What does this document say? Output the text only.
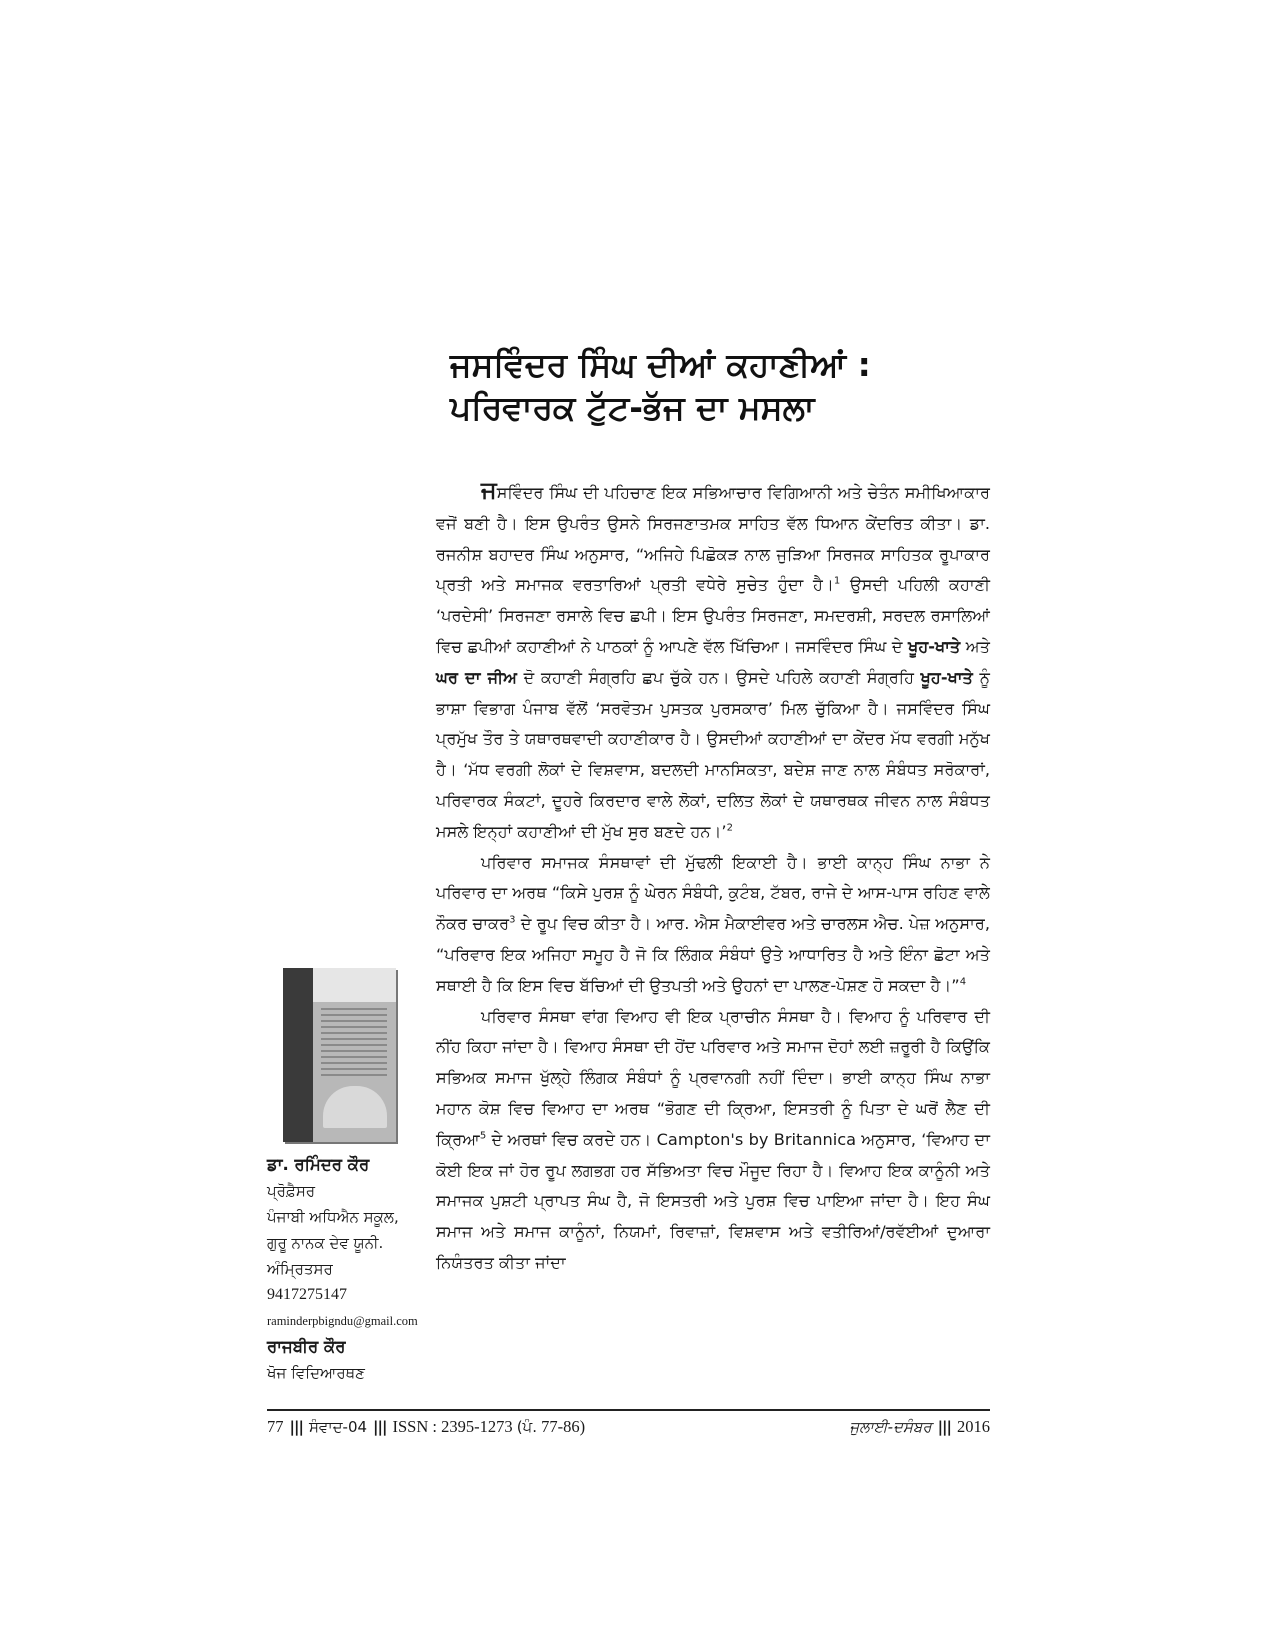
ਜਸਵਿੰਦਰ ਸਿੰਘ ਦੀਆਂ ਕਹਾਣੀਆਂ :
ਪਰਿਵਾਰਕ ਟੁੱਟ-ਭੱਜ ਦਾ ਮਸਲਾ

ਜਸਵਿੰਦਰ ਸਿੰਘ ਦੀ ਪਹਿਚਾਣ ਇਕ ਸਭਿਆਚਾਰ ਵਿਗਿਆਨੀ ਅਤੇ ਚੇਤੰਨ ਸਮੀਖਿਆਕਾਰ ਵਜੋਂ ਬਣੀ ਹੈ। ਇਸ ਉਪਰੰਤ ਉਸਨੇ ਸਿਰਜਣਾਤਮਕ ਸਾਹਿਤ ਵੱਲ ਧਿਆਨ ਕੇਂਦਰਿਤ ਕੀਤਾ। ਡਾ. ਰਜਨੀਸ਼ ਬਹਾਦਰ ਸਿੰਘ ਅਨੁਸਾਰ, “ਅਜਿਹੇ ਪਿਛੋਕੜ ਨਾਲ ਜੁੜਿਆ ਸਿਰਜਕ ਸਾਹਿਤਕ ਰੂਪਾਕਾਰ ਪ੍ਰਤੀ ਅਤੇ ਸਮਾਜਕ ਵਰਤਾਰਿਆਂ ਪ੍ਰਤੀ ਵਧੇਰੇ ਸੁਚੇਤ ਹੁੰਦਾ ਹੈ।$^1$ ਉਸਦੀ ਪਹਿਲੀ ਕਹਾਣੀ ‘ਪਰਦੇਸੀ’ ਸਿਰਜਣਾ ਰਸਾਲੇ ਵਿਚ ਛਪੀ। ਇਸ ਉਪਰੰਤ ਸਿਰਜਣਾ, ਸਮਦਰਸ਼ੀ, ਸਰਦਲ ਰਸਾਲਿਆਂ ਵਿਚ ਛਪੀਆਂ ਕਹਾਣੀਆਂ ਨੇ ਪਾਠਕਾਂ ਨੂੰ ਆਪਣੇ ਵੱਲ ਖਿੱਚਿਆ। ਜਸਵਿੰਦਰ ਸਿੰਘ ਦੇ ਖੂਹ-ਖਾਤੇ ਅਤੇ ਘਰ ਦਾ ਜੀਅ ਦੋ ਕਹਾਣੀ ਸੰਗ੍ਰਹਿ ਛਪ ਚੁੱਕੇ ਹਨ। ਉਸਦੇ ਪਹਿਲੇ ਕਹਾਣੀ ਸੰਗ੍ਰਹਿ ਖੂਹ-ਖਾਤੇ ਨੂੰ ਭਾਸ਼ਾ ਵਿਭਾਗ ਪੰਜਾਬ ਵੱਲੋਂ ‘ਸਰਵੋਤਮ ਪੁਸਤਕ ਪੁਰਸਕਾਰ’ ਮਿਲ ਚੁੱਕਿਆ ਹੈ। ਜਸਵਿੰਦਰ ਸਿੰਘ ਪ੍ਰਮੁੱਖ ਤੌਰ ਤੇ ਯਥਾਰਥਵਾਦੀ ਕਹਾਣੀਕਾਰ ਹੈ। ਉਸਦੀਆਂ ਕਹਾਣੀਆਂ ਦਾ ਕੇਂਦਰ ਮੱਧ ਵਰਗੀ ਮਨੁੱਖ ਹੈ। ‘ਮੱਧ ਵਰਗੀ ਲੋਕਾਂ ਦੇ ਵਿਸ਼ਵਾਸ, ਬਦਲਦੀ ਮਾਨਸਿਕਤਾ, ਬਦੇਸ਼ ਜਾਣ ਨਾਲ ਸੰਬੰਧਤ ਸਰੋਕਾਰਾਂ, ਪਰਿਵਾਰਕ ਸੰਕਟਾਂ, ਦੂਹਰੇ ਕਿਰਦਾਰ ਵਾਲੇ ਲੋਕਾਂ, ਦਲਿਤ ਲੋਕਾਂ ਦੇ ਯਥਾਰਥਕ ਜੀਵਨ ਨਾਲ ਸੰਬੰਧਤ ਮਸਲੇ ਇਨ੍ਹਾਂ ਕਹਾਣੀਆਂ ਦੀ ਮੁੱਖ ਸੁਰ ਬਣਦੇ ਹਨ।’$^2$

ਪਰਿਵਾਰ ਸਮਾਜਕ ਸੰਸਥਾਵਾਂ ਦੀ ਮੁੱਢਲੀ ਇਕਾਈ ਹੈ। ਭਾਈ ਕਾਨ੍ਹ ਸਿੰਘ ਨਾਭਾ ਨੇ ਪਰਿਵਾਰ ਦਾ ਅਰਥ “ਕਿਸੇ ਪੁਰਸ਼ ਨੂੰ ਘੇਰਨ ਸੰਬੰਧੀ, ਕੁਟੰਬ, ਟੱਬਰ, ਰਾਜੇ ਦੇ ਆਸ-ਪਾਸ ਰਹਿਣ ਵਾਲੇ ਨੌਕਰ ਚਾਕਰ$^3$ ਦੇ ਰੂਪ ਵਿਚ ਕੀਤਾ ਹੈ। ਆਰ. ਐਸ ਮੈਕਾਈਵਰ ਅਤੇ ਚਾਰਲਸ ਐਚ. ਪੇਜ਼ ਅਨੁਸਾਰ, “ਪਰਿਵਾਰ ਇਕ ਅਜਿਹਾ ਸਮੂਹ ਹੈ ਜੋ ਕਿ ਲਿੰਗਕ ਸੰਬੰਧਾਂ ਉਤੇ ਆਧਾਰਿਤ ਹੈ ਅਤੇ ਇੰਨਾ ਛੋਟਾ ਅਤੇ ਸਥਾਈ ਹੈ ਕਿ ਇਸ ਵਿਚ ਬੱਚਿਆਂ ਦੀ ਉਤਪਤੀ ਅਤੇ ਉਹਨਾਂ ਦਾ ਪਾਲਣ-ਪੋਸ਼ਣ ਹੋ ਸਕਦਾ ਹੈ।”$^4$

ਪਰਿਵਾਰ ਸੰਸਥਾ ਵਾਂਗ ਵਿਆਹ ਵੀ ਇਕ ਪ੍ਰਾਚੀਨ ਸੰਸਥਾ ਹੈ। ਵਿਆਹ ਨੂੰ ਪਰਿਵਾਰ ਦੀ ਨੀਂਹ ਕਿਹਾ ਜਾਂਦਾ ਹੈ। ਵਿਆਹ ਸੰਸਥਾ ਦੀ ਹੋਂਦ ਪਰਿਵਾਰ ਅਤੇ ਸਮਾਜ ਦੋਹਾਂ ਲਈ ਜ਼ਰੂਰੀ ਹੈ ਕਿਉਂਕਿ ਸਭਿਅਕ ਸਮਾਜ ਖੁੱਲ੍ਹੇ ਲਿੰਗਕ ਸੰਬੰਧਾਂ ਨੂੰ ਪ੍ਰਵਾਨਗੀ ਨਹੀਂ ਦਿੰਦਾ। ਭਾਈ ਕਾਨ੍ਹ ਸਿੰਘ ਨਾਭਾ ਮਹਾਨ ਕੋਸ਼ ਵਿਚ ਵਿਆਹ ਦਾ ਅਰਥ “ਭੋਗਣ ਦੀ ਕ੍ਰਿਆ, ਇਸਤਰੀ ਨੂੰ ਪਿਤਾ ਦੇ ਘਰੋਂ ਲੈਣ ਦੀ ਕ੍ਰਿਆ$^5$ ਦੇ ਅਰਥਾਂ ਵਿਚ ਕਰਦੇ ਹਨ। Campton's by Britannica ਅਨੁਸਾਰ, ‘ਵਿਆਹ ਦਾ ਕੋਈ ਇਕ ਜਾਂ ਹੋਰ ਰੂਪ ਲਗਭਗ ਹਰ ਸੱਭਿਅਤਾ ਵਿਚ ਮੌਜੂਦ ਰਿਹਾ ਹੈ। ਵਿਆਹ ਇਕ ਕਾਨੂੰਨੀ ਅਤੇ ਸਮਾਜਕ ਪੁਸ਼ਟੀ ਪ੍ਰਾਪਤ ਸੰਘ ਹੈ, ਜੋ ਇਸਤਰੀ ਅਤੇ ਪੁਰਸ਼ ਵਿਚ ਪਾਇਆ ਜਾਂਦਾ ਹੈ। ਇਹ ਸੰਘ ਸਮਾਜ ਅਤੇ ਸਮਾਜ ਕਾਨੂੰਨਾਂ, ਨਿਯਮਾਂ, ਰਿਵਾਜ਼ਾਂ, ਵਿਸ਼ਵਾਸ ਅਤੇ ਵਤੀਰਿਆਂ/ਰਵੱਈਆਂ ਦੁਆਰਾ ਨਿਯੰਤਰਤ ਕੀਤਾ ਜਾਂਦਾ

ਡਾ. ਰਮਿੰਦਰ ਕੌਰ
ਪ੍ਰੋਫ਼ੈਸਰ
ਪੰਜਾਬੀ ਅਧਿਐਨ ਸਕੂਲ,
ਗੁਰੂ ਨਾਨਕ ਦੇਵ ਯੂਨੀ.
ਅੰਮ੍ਰਿਤਸਰ
9417275147
raminderpbigndu@gmail.com
ਰਾਜਬੀਰ ਕੌਰ
ਖੋਜ ਵਿਦਿਆਰਥਣ
77 ||| ਸੰਵਾਦ-04 ||| ISSN : 2395-1273 (ਪੰ. 77-86)	ਜੁਲਾਈ-ਦਸੰਬਰ ||| 2016
